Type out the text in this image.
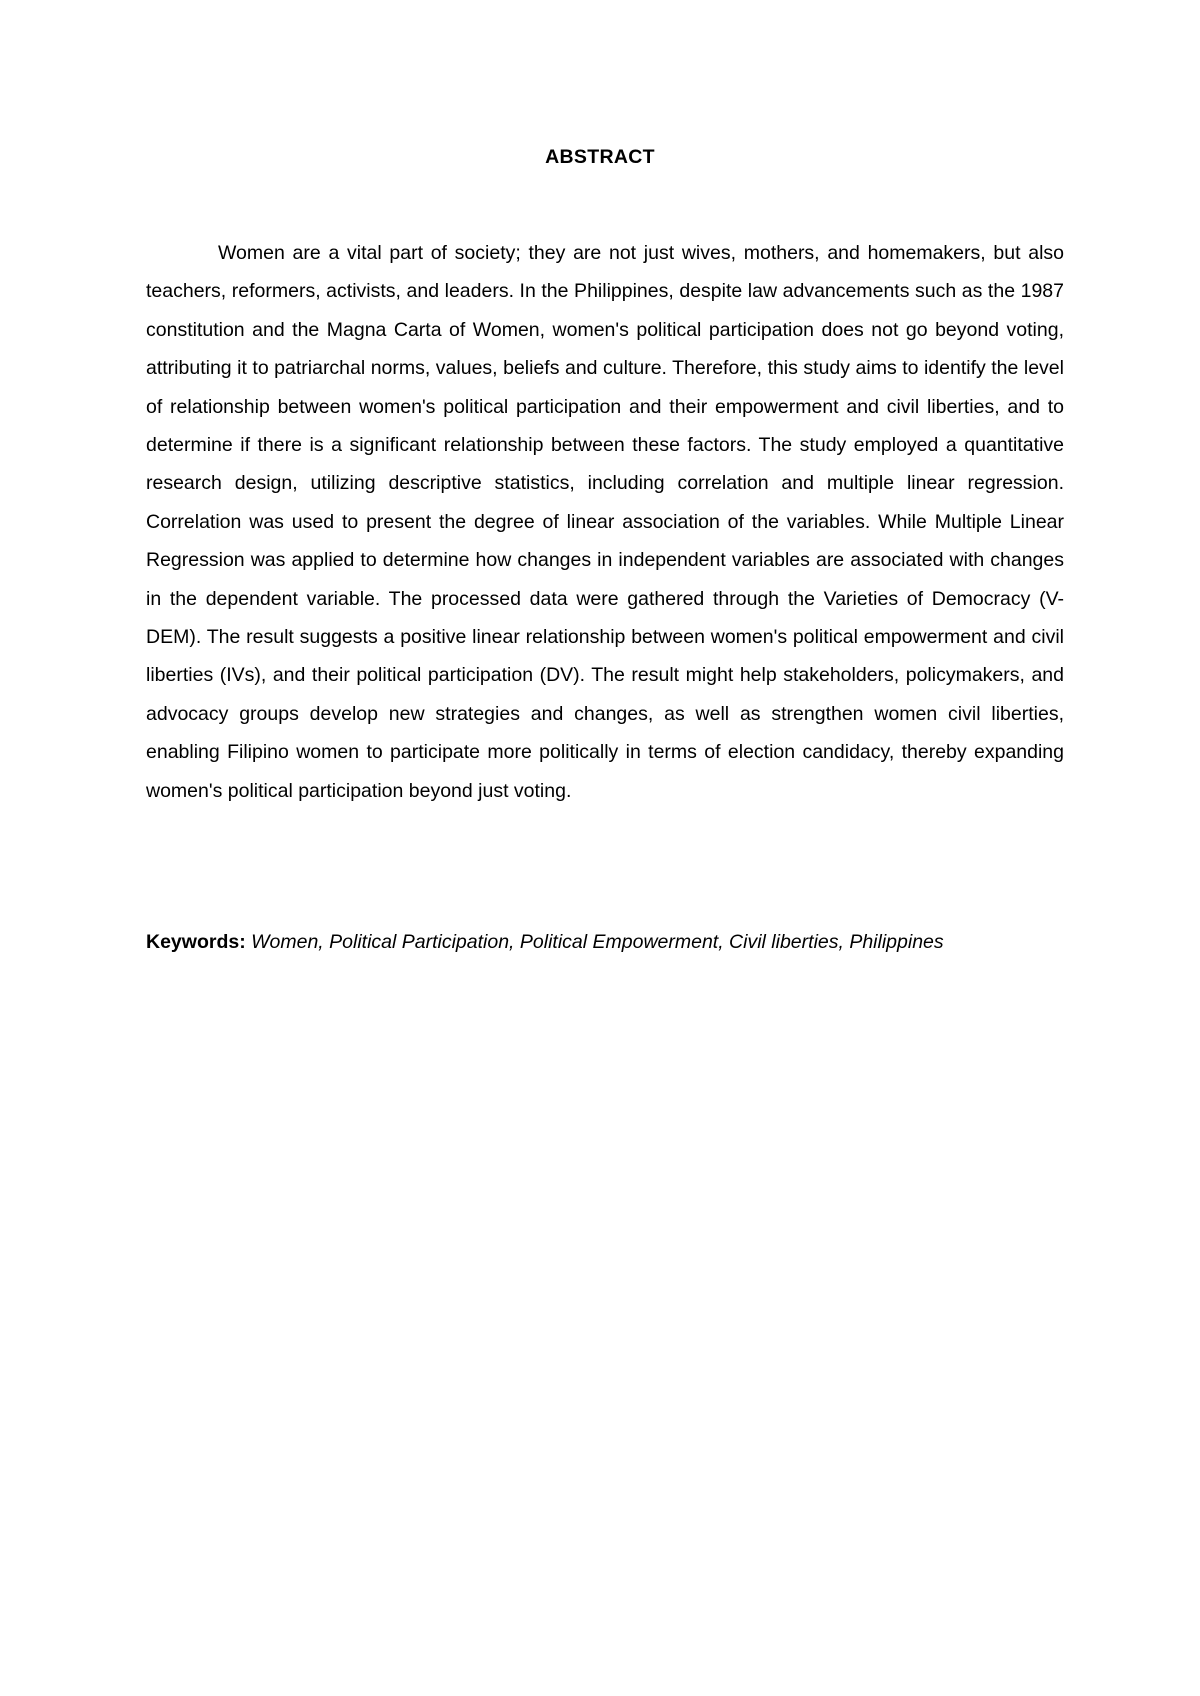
ABSTRACT

Women are a vital part of society; they are not just wives, mothers, and homemakers, but also teachers, reformers, activists, and leaders. In the Philippines, despite law advancements such as the 1987 constitution and the Magna Carta of Women, women's political participation does not go beyond voting, attributing it to patriarchal norms, values, beliefs and culture. Therefore, this study aims to identify the level of relationship between women's political participation and their empowerment and civil liberties, and to determine if there is a significant relationship between these factors. The study employed a quantitative research design, utilizing descriptive statistics, including correlation and multiple linear regression. Correlation was used to present the degree of linear association of the variables. While Multiple Linear Regression was applied to determine how changes in independent variables are associated with changes in the dependent variable. The processed data were gathered through the Varieties of Democracy (V-DEM). The result suggests a positive linear relationship between women's political empowerment and civil liberties (IVs), and their political participation (DV). The result might help stakeholders, policymakers, and advocacy groups develop new strategies and changes, as well as strengthen women civil liberties, enabling Filipino women to participate more politically in terms of election candidacy, thereby expanding women's political participation beyond just voting.

Keywords: Women, Political Participation, Political Empowerment, Civil liberties, Philippines
